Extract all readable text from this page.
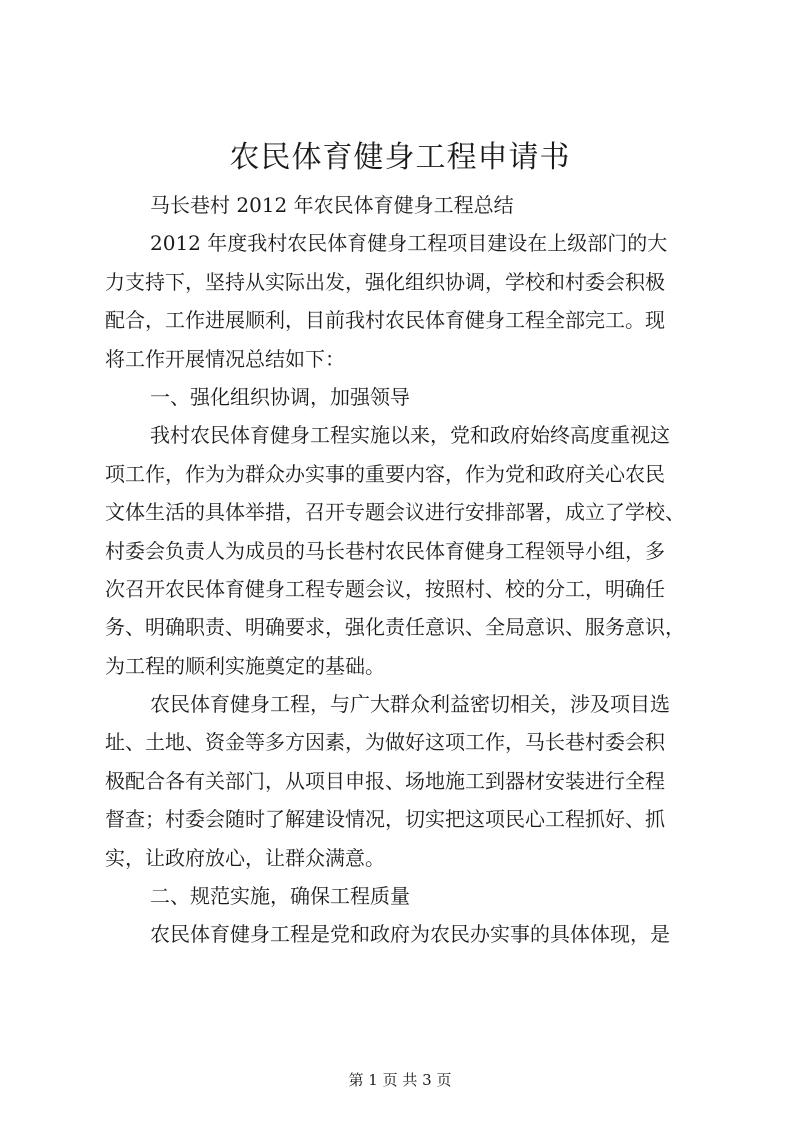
农民体育健身工程申请书
马长巷村 2012 年农民体育健身工程总结
2012 年度我村农民体育健身工程项目建设在上级部门的大
力支持下，坚持从实际出发，强化组织协调，学校和村委会积极
配合，工作进展顺利，目前我村农民体育健身工程全部完工。现
将工作开展情况总结如下：
一、强化组织协调，加强领导
我村农民体育健身工程实施以来，党和政府始终高度重视这
项工作，作为为群众办实事的重要内容，作为党和政府关心农民
文体生活的具体举措，召开专题会议进行安排部署，成立了学校、
村委会负责人为成员的马长巷村农民体育健身工程领导小组，多
次召开农民体育健身工程专题会议，按照村、校的分工，明确任
务、明确职责、明确要求，强化责任意识、全局意识、服务意识，
为工程的顺利实施奠定的基础。
农民体育健身工程，与广大群众利益密切相关，涉及项目选
址、土地、资金等多方因素，为做好这项工作，马长巷村委会积
极配合各有关部门，从项目申报、场地施工到器材安装进行全程
督查；村委会随时了解建设情况，切实把这项民心工程抓好、抓
实，让政府放心，让群众满意。
二、规范实施，确保工程质量
农民体育健身工程是党和政府为农民办实事的具体体现，是
第 1 页 共 3 页
